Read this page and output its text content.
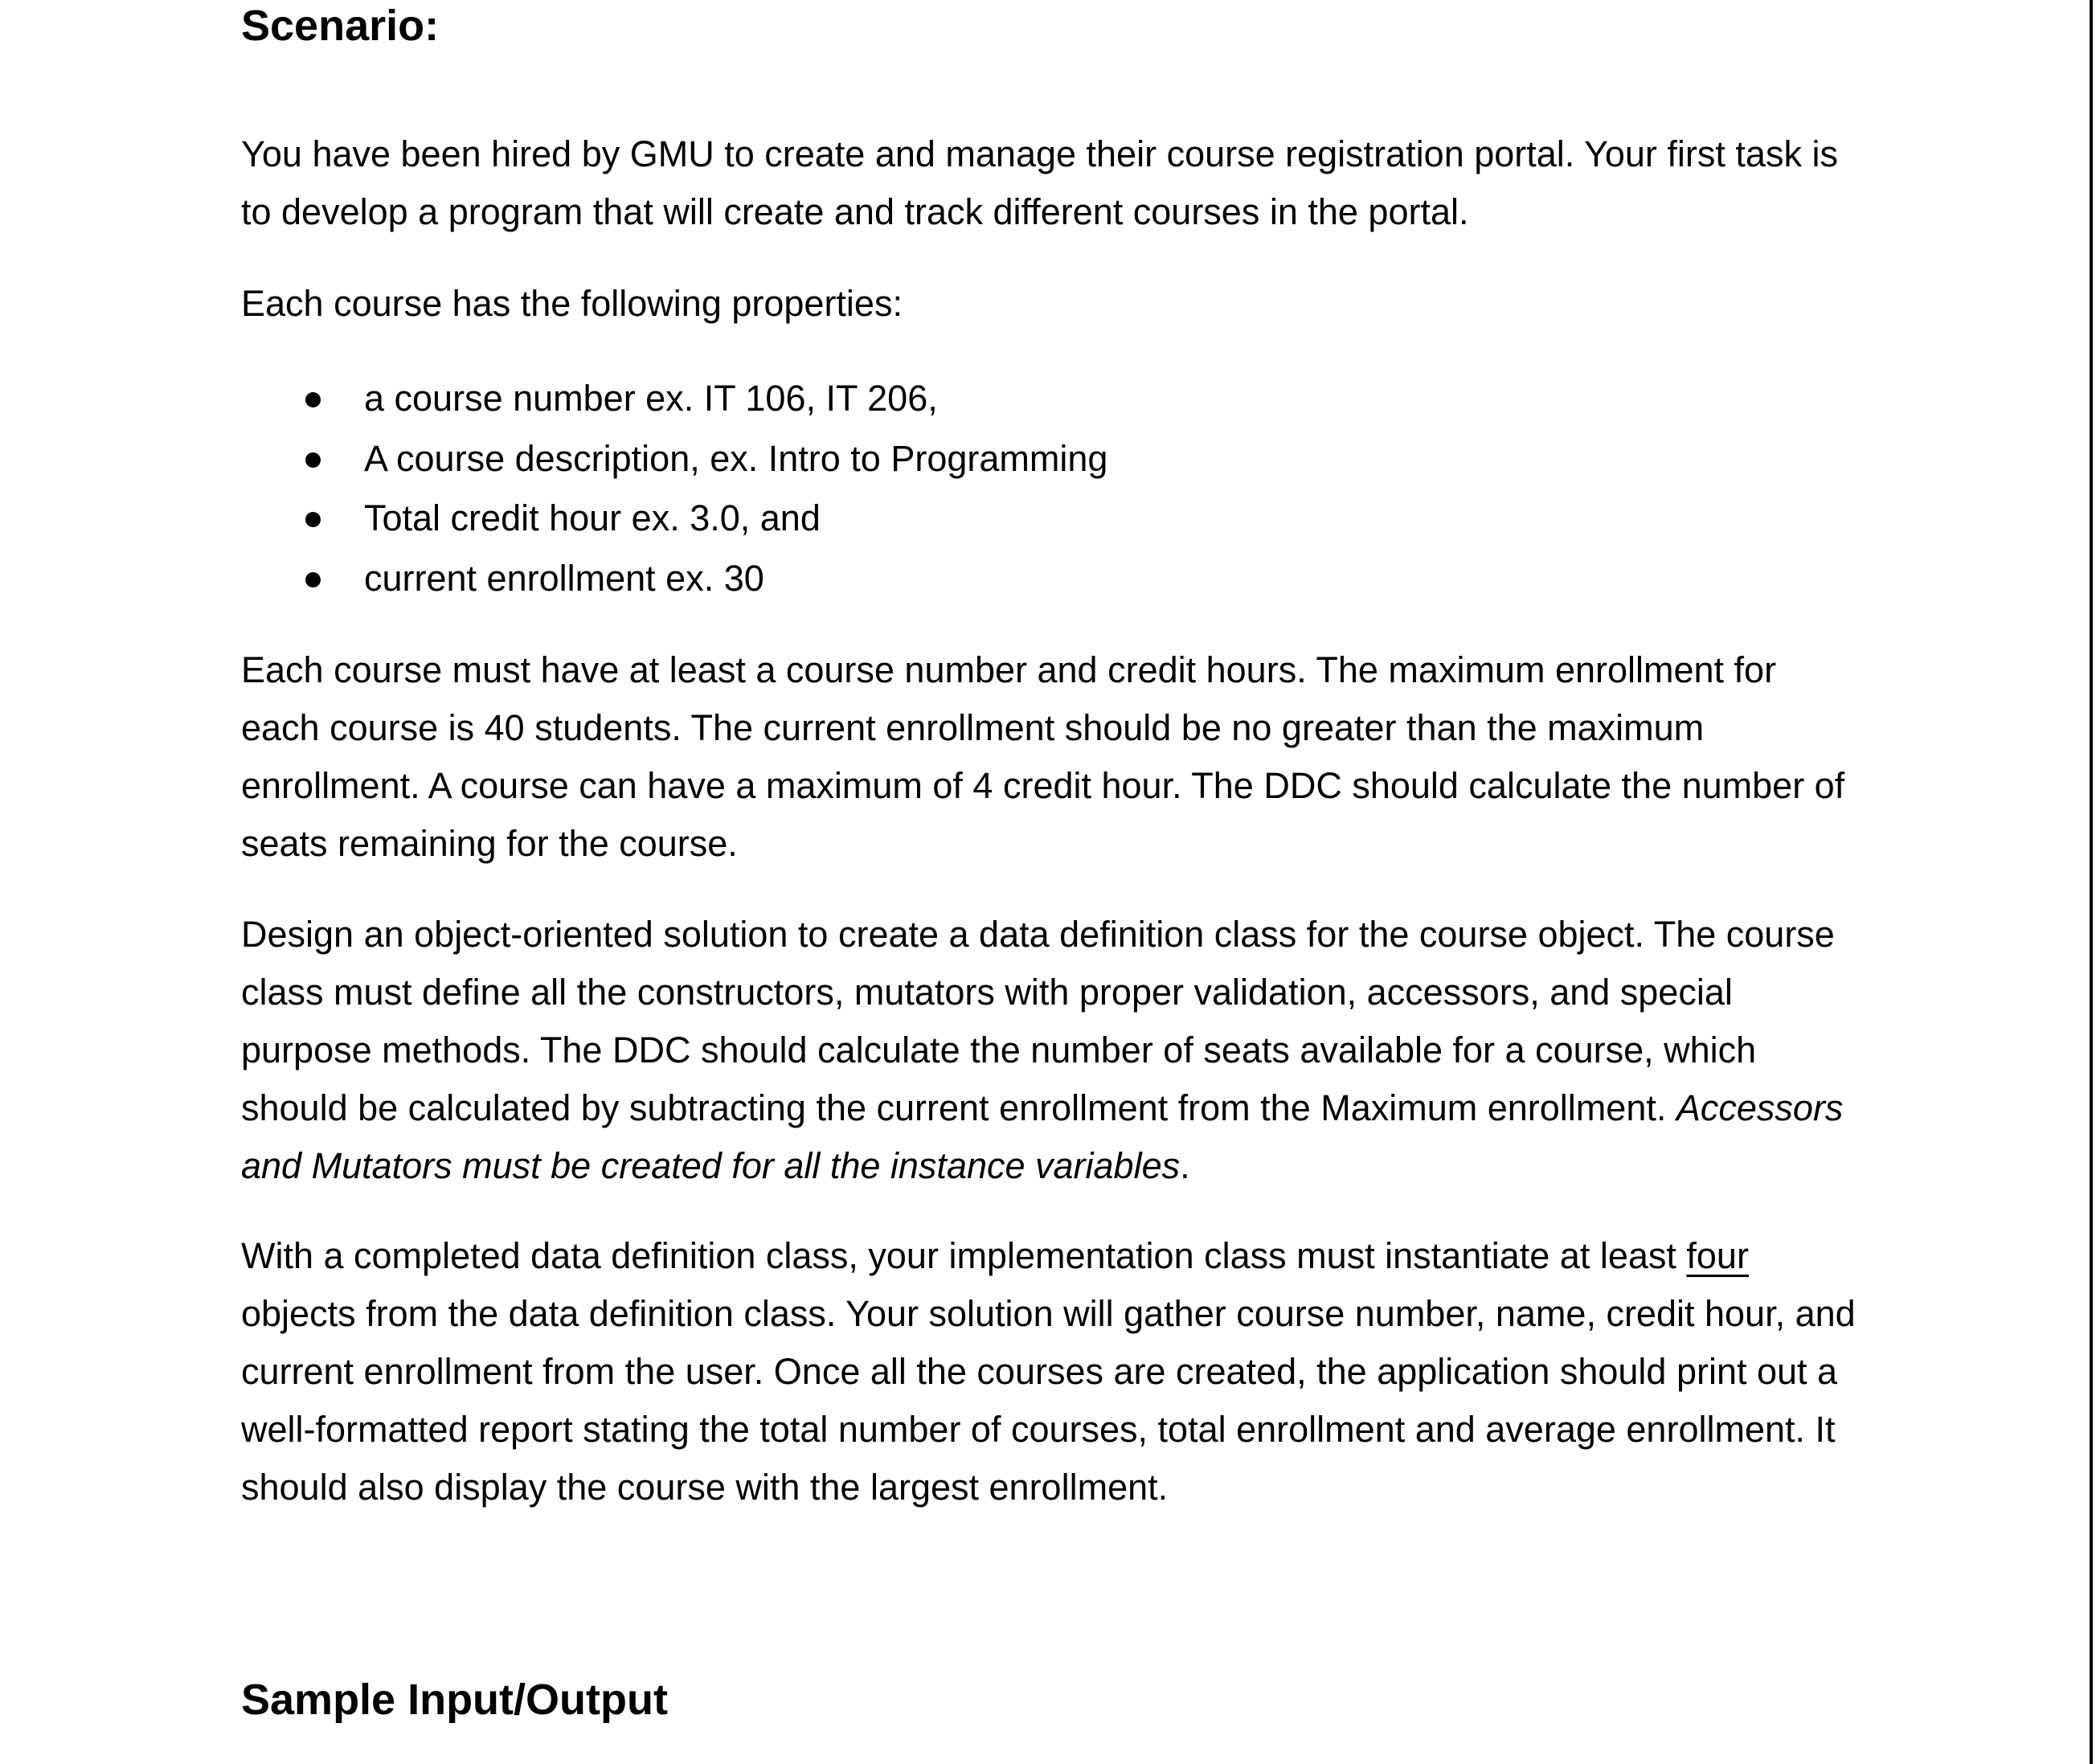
Scenario:

You have been hired by GMU to create and manage their course registration portal. Your first task is to develop a program that will create and track different courses in the portal.

Each course has the following properties:

a course number ex. IT 106, IT 206,
A course description, ex. Intro to Programming
Total credit hour ex. 3.0, and
current enrollment ex. 30

Each course must have at least a course number and credit hours. The maximum enrollment for each course is 40 students. The current enrollment should be no greater than the maximum enrollment. A course can have a maximum of 4 credit hour. The DDC should calculate the number of seats remaining for the course.

Design an object-oriented solution to create a data definition class for the course object. The course class must define all the constructors, mutators with proper validation, accessors, and special purpose methods. The DDC should calculate the number of seats available for a course, which should be calculated by subtracting the current enrollment from the Maximum enrollment. Accessors and Mutators must be created for all the instance variables.

With a completed data definition class, your implementation class must instantiate at least four objects from the data definition class. Your solution will gather course number, name, credit hour, and current enrollment from the user. Once all the courses are created, the application should print out a well-formatted report stating the total number of courses, total enrollment and average enrollment. It should also display the course with the largest enrollment.

Sample Input/Output
